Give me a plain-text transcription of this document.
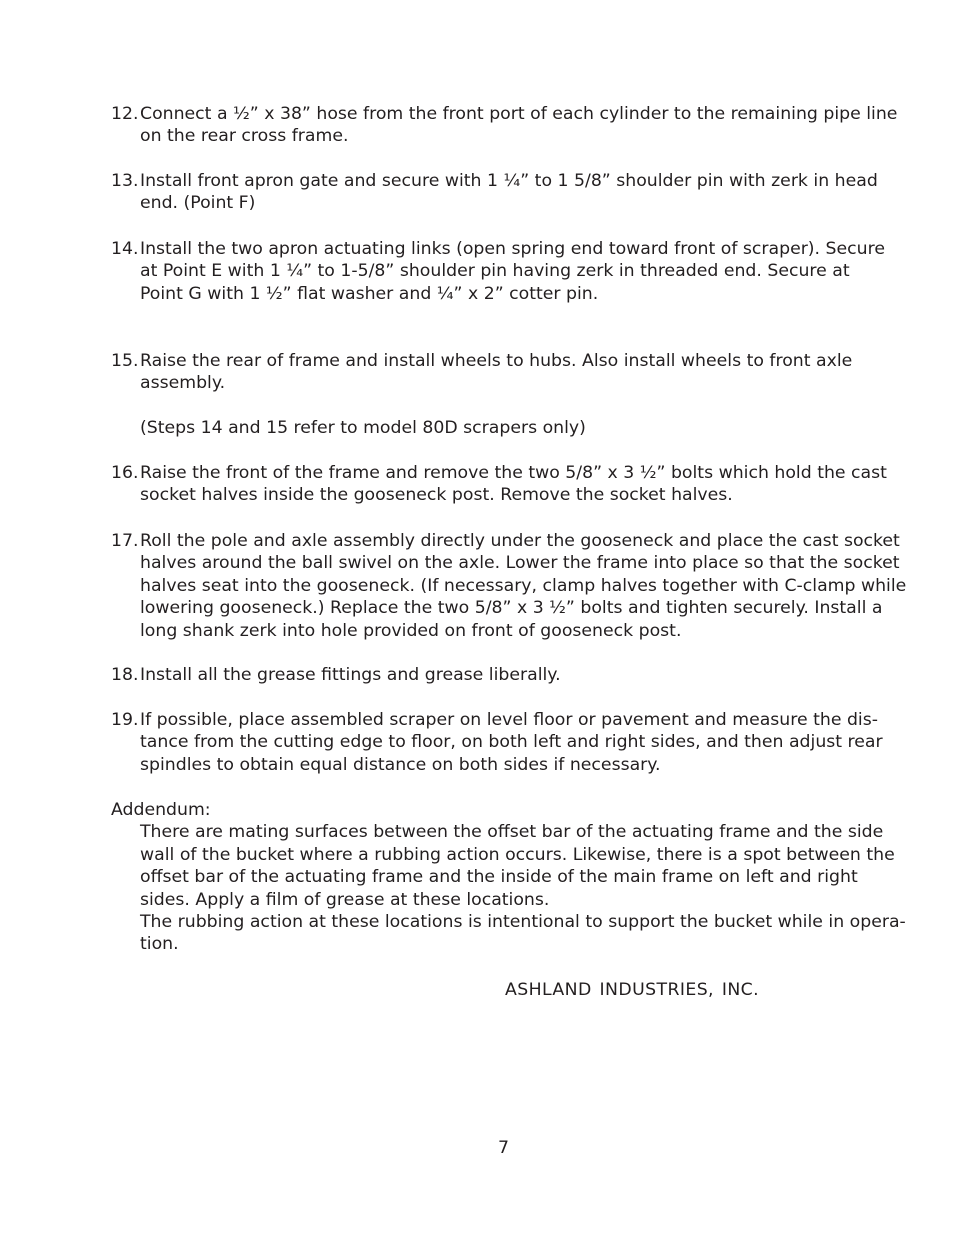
12. Connect a ½” x 38” hose from the front port of each cylinder to the remaining pipe line
on the rear cross frame.
13. Install front apron gate and secure with 1 ¼” to 1 5/8” shoulder pin with zerk in head
end. (Point F)
14. Install the two apron actuating links (open spring end toward front of scraper). Secure
at Point E with 1 ¼” to 1-5/8” shoulder pin having zerk in threaded end. Secure at
Point G with 1 ½” flat washer and ¼” x 2” cotter pin.
15. Raise the rear of frame and install wheels to hubs. Also install wheels to front axle
assembly.
(Steps 14 and 15 refer to model 80D scrapers only)
16. Raise the front of the frame and remove the two 5/8” x 3 ½” bolts which hold the cast
socket halves inside the gooseneck post. Remove the socket halves.
17. Roll the pole and axle assembly directly under the gooseneck and place the cast socket
halves around the ball swivel on the axle. Lower the frame into place so that the socket
halves seat into the gooseneck. (If necessary, clamp halves together with C-clamp while
lowering gooseneck.) Replace the two 5/8” x 3 ½” bolts and tighten securely. Install a
long shank zerk into hole provided on front of gooseneck post.
18. Install all the grease fittings and grease liberally.
19. If possible, place assembled scraper on level floor or pavement and measure the dis-
tance from the cutting edge to floor, on both left and right sides, and then adjust rear
spindles to obtain equal distance on both sides if necessary.
Addendum:
There are mating surfaces between the offset bar of the actuating frame and the side
wall of the bucket where a rubbing action occurs. Likewise, there is a spot between the
offset bar of the actuating frame and the inside of the main frame on left and right
sides. Apply a film of grease at these locations.
The rubbing action at these locations is intentional to support the bucket while in opera-
tion.
ASHLAND INDUSTRIES, INC.
7
